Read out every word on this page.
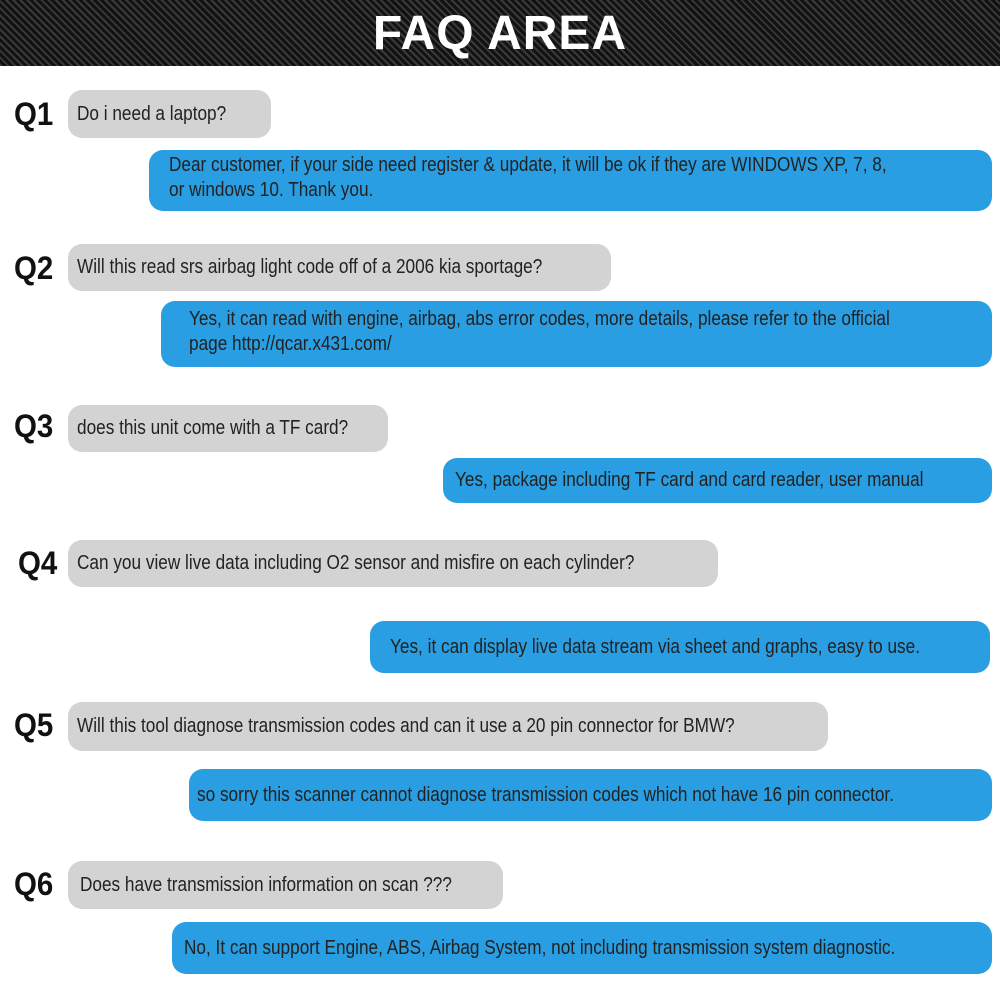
FAQ AREA
Q1 Do i need a laptop?
Dear customer, if your side need register & update, it will be ok if they are WINDOWS XP, 7, 8,
or windows 10. Thank you.
Q2 Will this read srs airbag light code off of a 2006 kia sportage?
Yes, it can read with engine, airbag, abs error codes, more details, please refer to the official
page http://qcar.x431.com/
Q3 does this unit come with a TF card?
Yes, package including TF card and card reader, user manual
Q4 Can you view live data including O2 sensor and misfire on each cylinder?
Yes, it can display live data stream via sheet and graphs, easy to use.
Q5 Will this tool diagnose transmission codes and can it use a 20 pin connector for BMW?
so sorry this scanner cannot diagnose transmission codes which not have 16 pin connector.
Q6 Does have transmission information on scan ???
No, It can support Engine, ABS, Airbag System, not including transmission system diagnostic.
